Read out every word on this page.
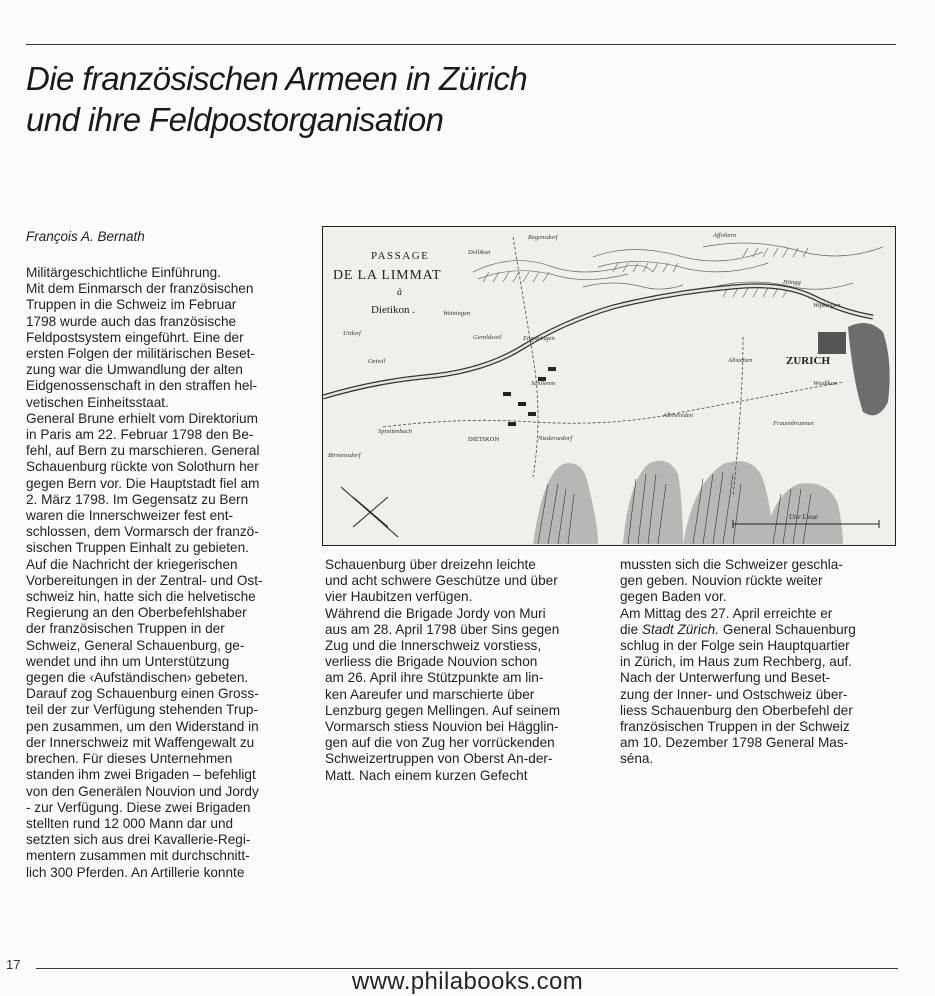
Die französischen Armeen in Zürich
und ihre Feldpostorganisation
François A. Bernath

Militärgeschichtliche Einführung.

Mit dem Einmarsch der französischen

Truppen in die Schweiz im Februar

1798 wurde auch das französische

Feldpostsystem eingeführt. Eine der

ersten Folgen der militärischen Beset-

zung war die Umwandlung der alten

Eidgenossenschaft in den straffen hel-

vetischen Einheitsstaat.

General Brune erhielt vom Direktorium

in Paris am 22. Februar 1798 den Be-

fehl, auf Bern zu marschieren. General

Schauenburg rückte von Solothurn her

gegen Bern vor. Die Hauptstadt fiel am

2. März 1798. Im Gegensatz zu Bern

waren die Innerschweizer fest ent-

schlossen, dem Vormarsch der franzö-

sischen Truppen Einhalt zu gebieten.

Auf die Nachricht der kriegerischen

Vorbereitungen in der Zentral- und Ost-

schweiz hin, hatte sich die helvetische

Regierung an den Oberbefehlshaber

der französischen Truppen in der

Schweiz, General Schauenburg, ge-

wendet und ihn um Unterstützung

gegen die ‹Aufständischen› gebeten.

Darauf zog Schauenburg einen Gross-

teil der zur Verfügung stehenden Trup-

pen zusammen, um den Widerstand in

der Innerschweiz mit Waffengewalt zu

brechen. Für dieses Unternehmen

standen ihm zwei Brigaden – befehligt

von den Generälen Nouvion und Jordy

- zur Verfügung. Diese zwei Brigaden

stellten rund 12 000 Mann dar und

setzten sich aus drei Kavallerie-Regi-

mentern zusammen mit durchschnitt-

lich 300 Pferden. An Artillerie konnte

PASSAGE
DE LA LIMMAT
à
Dietikon .
ZURICH
DIETIKON
Une Lieue
Regensdorf
Dellikon
Weiningen
Altstetten
Schlieren
Albisrieden
Wiedikon
Urdorf
Höngg
Wipkingen
Birmensdorf
Spreitenbach
Oetwil
Geroldswil	Engstringen
Frauenbrunnen
Affoltern
Niederurdorf

Schauenburg über dreizehn leichte

und acht schwere Geschütze und über

vier Haubitzen verfügen.

Während die Brigade Jordy von Muri

aus am 28. April 1798 über Sins gegen

Zug und die Innerschweiz vorstiess,

verliess die Brigade Nouvion schon

am 26. April ihre Stützpunkte am lin-

ken Aareufer und marschierte über

Lenzburg gegen Mellingen. Auf seinem

Vormarsch stiess Nouvion bei Hägglin-

gen auf die von Zug her vorrückenden

Schweizertruppen von Oberst An-der-

Matt. Nach einem kurzen Gefecht

mussten sich die Schweizer geschla-

gen geben. Nouvion rückte weiter

gegen Baden vor.

Am Mittag des 27. April erreichte er

die Stadt Zürich. General Schauenburg

schlug in der Folge sein Hauptquartier

in Zürich, im Haus zum Rechberg, auf.

Nach der Unterwerfung und Beset-

zung der Inner- und Ostschweiz über-

liess Schauenburg den Oberbefehl der

französischen Truppen in der Schweiz

am 10. Dezember 1798 General Mas-

séna.

17
www.philabooks.com
